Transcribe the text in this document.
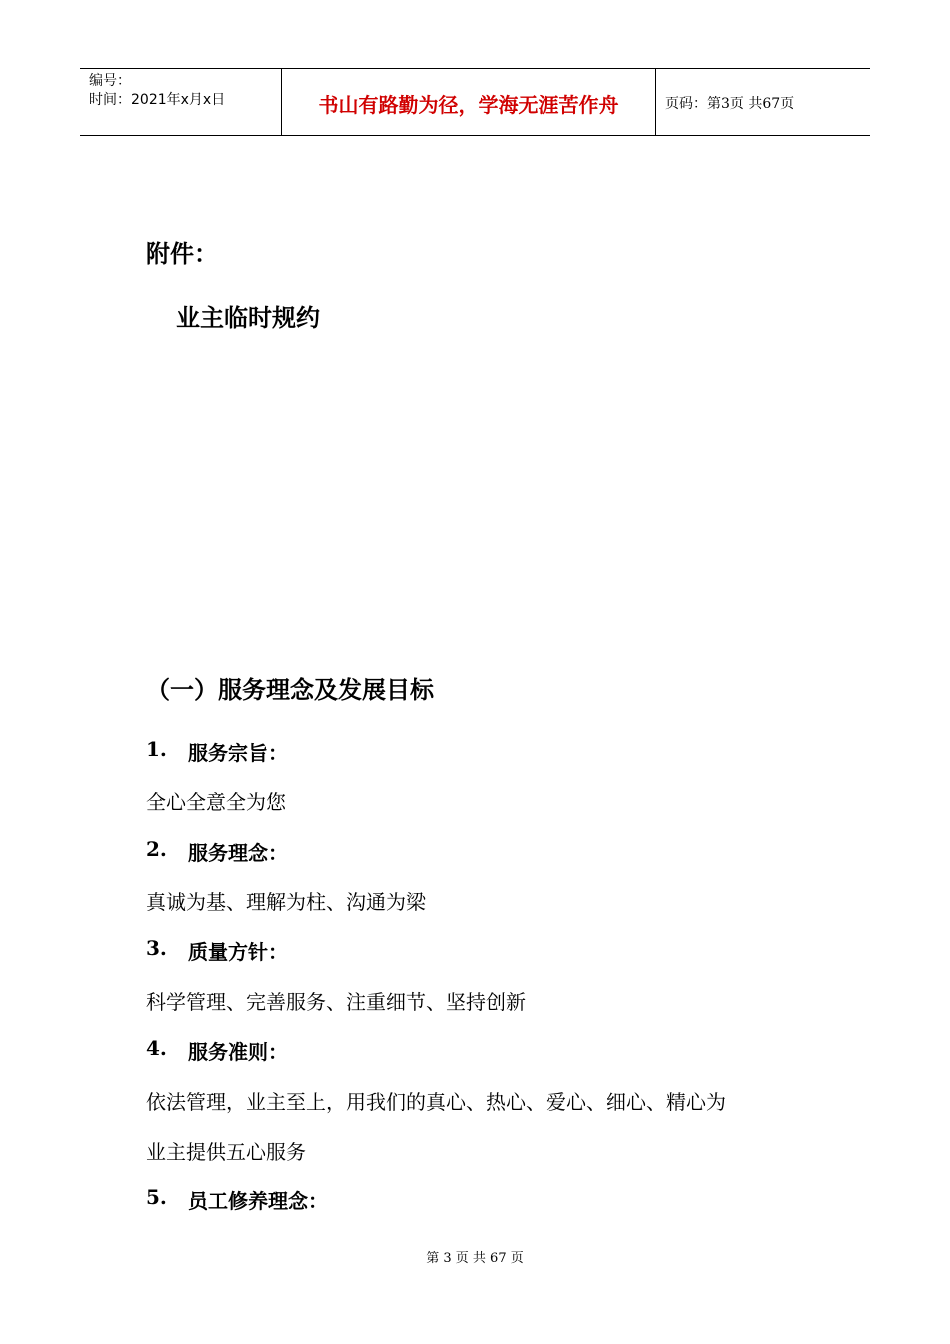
编号：
时间：2021年x月x日	书山有路勤为径，学海无涯苦作舟	页码：第3页 共67页
附件：
业主临时规约
（一）服务理念及发展目标
1.	服务宗旨：
全心全意全为您
2.	服务理念：
真诚为基、理解为柱、沟通为梁
3.	质量方针：
科学管理、完善服务、注重细节、坚持创新
4.	服务准则：
依法管理，业主至上，用我们的真心、热心、爱心、细心、精心为
业主提供五心服务
5.	员工修养理念：
第 3 页 共 67 页
